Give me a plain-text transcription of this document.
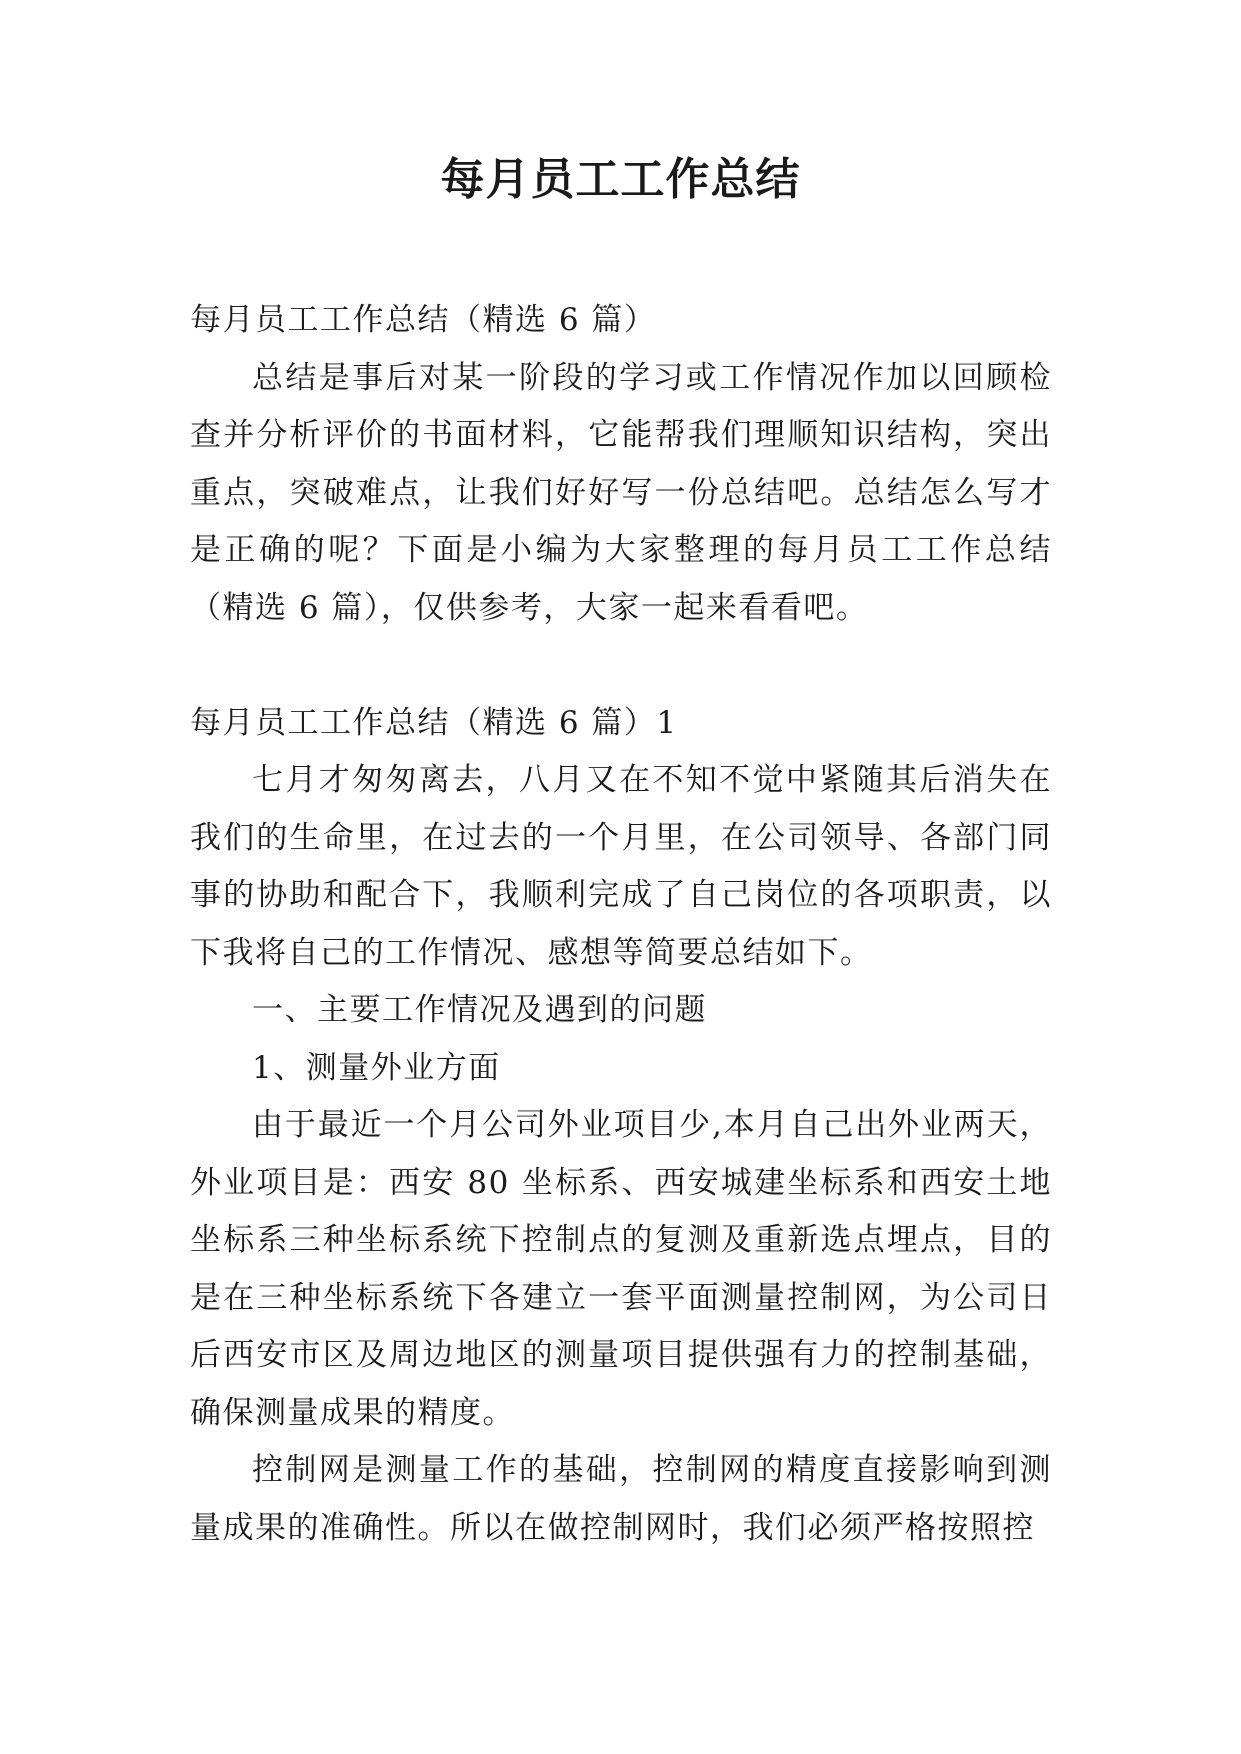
每月员工工作总结

每月员工工作总结（精选 6 篇）

总结是事后对某一阶段的学习或工作情况作加以回顾检查并分析评价的书面材料，它能帮我们理顺知识结构，突出重点，突破难点，让我们好好写一份总结吧。总结怎么写才是正确的呢？下面是小编为大家整理的每月员工工作总结（精选 6 篇），仅供参考，大家一起来看看吧。

每月员工工作总结（精选 6 篇）1

七月才匆匆离去，八月又在不知不觉中紧随其后消失在我们的生命里，在过去的一个月里，在公司领导、各部门同事的协助和配合下，我顺利完成了自己岗位的各项职责，以下我将自己的工作情况、感想等简要总结如下。

一、主要工作情况及遇到的问题

1、测量外业方面

由于最近一个月公司外业项目少,本月自己出外业两天，外业项目是：西安 80 坐标系、西安城建坐标系和西安土地坐标系三种坐标系统下控制点的复测及重新选点埋点，目的是在三种坐标系统下各建立一套平面测量控制网，为公司日后西安市区及周边地区的测量项目提供强有力的控制基础，确保测量成果的精度。

控制网是测量工作的基础，控制网的精度直接影响到测量成果的准确性。所以在做控制网时，我们必须严格按照控
